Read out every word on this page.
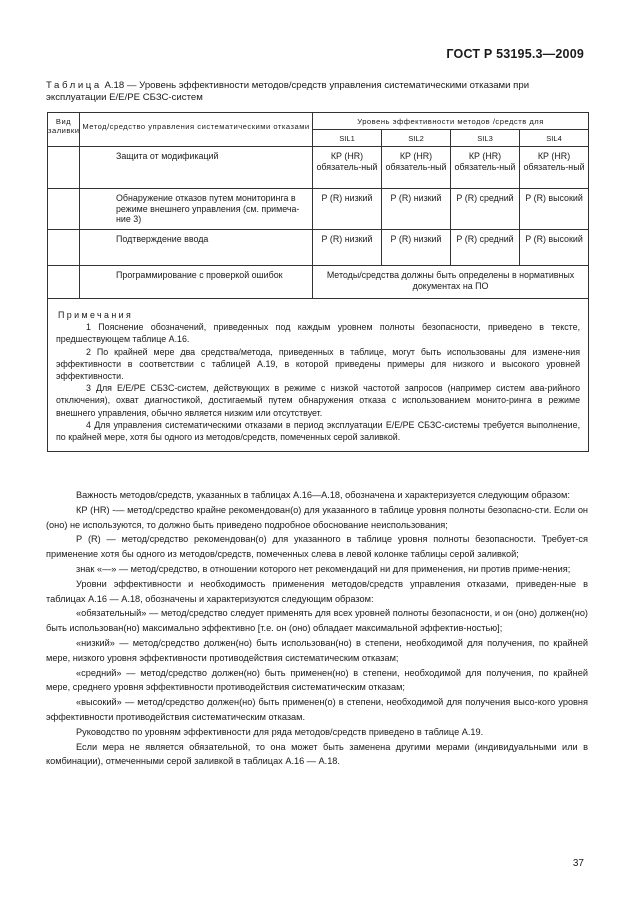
ГОСТ Р 53195.3—2009
Таблица А.18 — Уровень эффективности методов/средств управления систематическими отказами при эксплуатации Е/Е/РЕ СБЗС-систем
Вид заливки	Метод/средство управления систематическими отказами	Уровень эффективности методов /средств для			
		SIL1	SIL2	SIL3	SIL4
	Защита от модификаций	КР (HR) обязатель-ный	КР (HR) обязатель-ный	КР (HR) обязатель-ный	КР (HR) обязатель-ный
	Обнаружение отказов путем мониторинга в режиме внешнего управления (см. примеча-ние 3)	Р (R) низкий	Р (R) низкий	Р (R) средний	Р (R) высокий
	Подтверждение ввода	Р (R) низкий	Р (R) низкий	Р (R) средний	Р (R) высокий
	Программирование с проверкой ошибок	Методы/средства должны быть определены в нормативных документах на ПО			

Примечания

1 Пояснение обозначений, приведенных под каждым уровнем полноты безопасности, приведено в тексте, предшествующем таблице А.16.

2 По крайней мере два средства/метода, приведенных в таблице, могут быть использованы для измене-ния эффективности в соответствии с таблицей А.19, в которой приведены примеры для низкого и высокого уровней эффективности.

3 Для Е/Е/РЕ СБЗС-систем, действующих в режиме с низкой частотой запросов (например систем ава-рийного отключения), охват диагностикой, достигаемый путем обнаружения отказа с использованием монито-ринга в режиме внешнего управления, обычно является низким или отсутствует.

4 Для управления систематическими отказами в период эксплуатации Е/Е/РЕ СБЗС-системы требуется выполнение, по крайней мере, хотя бы одного из методов/средств, помеченных серой заливкой.					

Важность методов/средств, указанных в таблицах А.16—А.18, обозначена и характеризуется следующим образом:

КР (HR) -— метод/средство крайне рекомендован(о) для указанного в таблице уровня полноты безопасно-сти. Если он (оно) не используются, то должно быть приведено подробное обоснование неиспользования;

Р (R) — метод/средство рекомендован(о) для указанного в таблице уровня полноты безопасности. Требует-ся применение хотя бы одного из методов/средств, помеченных слева в левой колонке таблицы серой заливкой;

знак «—» — метод/средство, в отношении которого нет рекомендаций ни для применения, ни против приме-нения;

Уровни эффективности и необходимость применения методов/средств управления отказами, приведен-ные в таблицах А.16 — А.18, обозначены и характеризуются следующим образом:

«обязательный» — метод/средство следует применять для всех уровней полноты безопасности, и он (оно) должен(но) быть использован(но) максимально эффективно [т.е. он (оно) обладает максимальной эффектив-ностью];

«низкий» — метод/средство должен(но) быть использован(но) в степени, необходимой для получения, по крайней мере, низкого уровня эффективности противодействия систематическим отказам;

«средний» — метод/средство должен(но) быть применен(но) в степени, необходимой для получения, по крайней мере, среднего уровня эффективности противодействия систематическим отказам;

«высокий» — метод/средство должен(но) быть применен(о) в степени, необходимой для получения высо-кого уровня эффективности противодействия систематическим отказам.

Руководство по уровням эффективности для ряда методов/средств приведено в таблице А.19.

Если мера не является обязательной, то она может быть заменена другими мерами (индивидуальными или в комбинации), отмеченными серой заливкой в таблицах А.16 — А.18.

37
